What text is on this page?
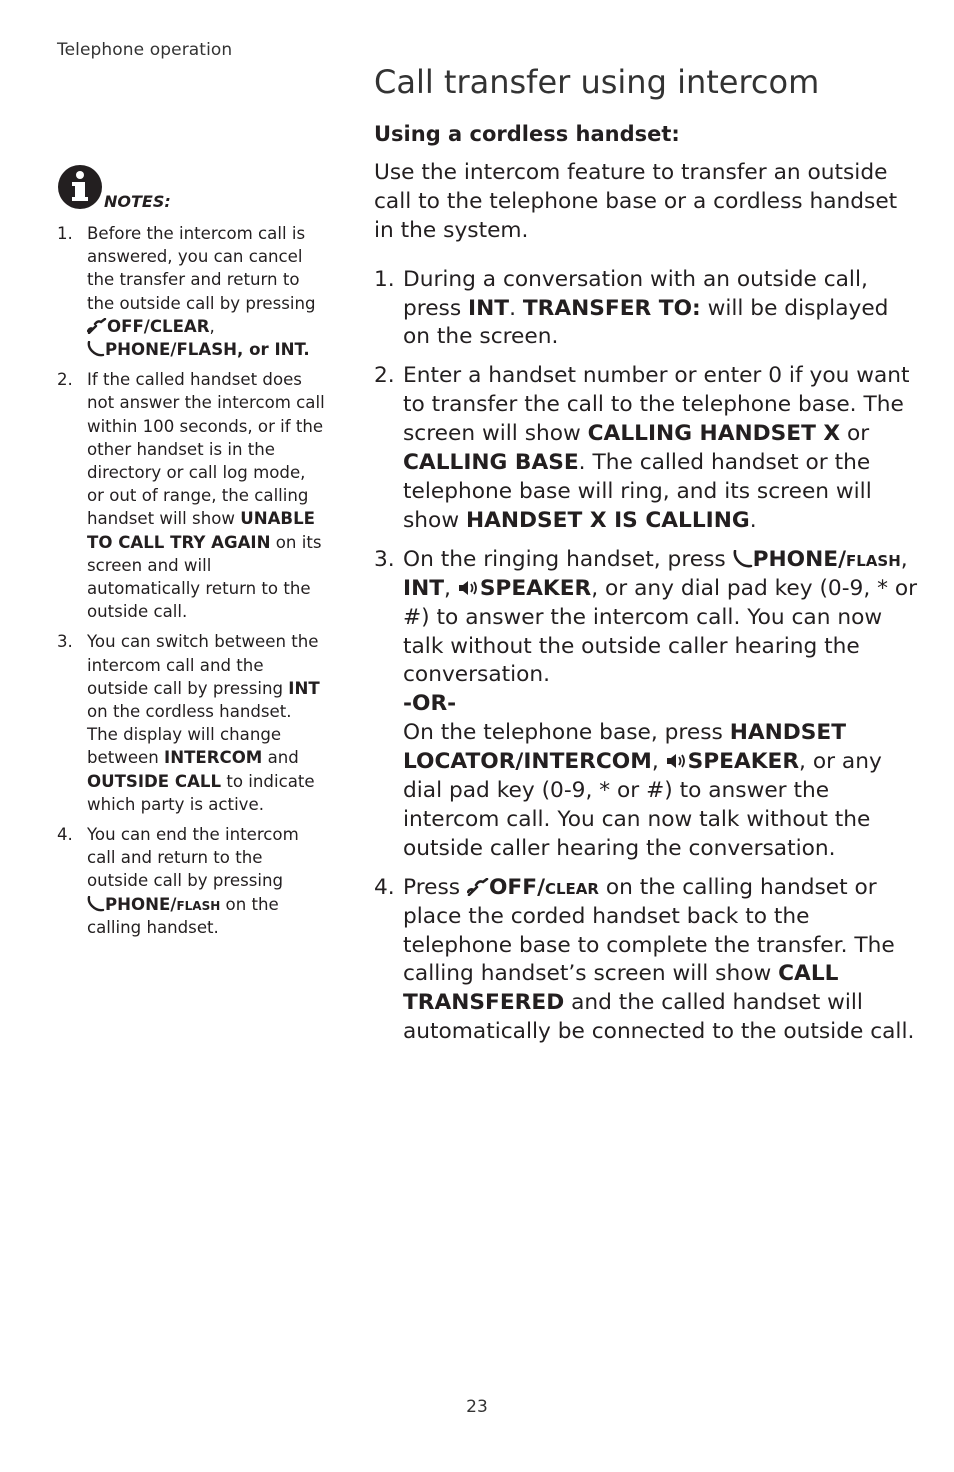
Telephone operation
NOTES:
1. Before the intercom call is answered, you can cancel the transfer and return to the outside call by pressing OFF/CLEAR,
PHONE/FLASH, or INT.
2. If the called handset does not answer the intercom call within 100 seconds, or if the other handset is in the directory or call log mode, or out of range, the calling handset will show UNABLE TO CALL TRY AGAIN on its screen and will automatically return to the outside call.
3. You can switch between the intercom call and the outside call by pressing INT on the cordless handset. The display will change between INTERCOM and OUTSIDE CALL to indicate which party is active.
4. You can end the intercom call and return to the outside call by pressing
PHONE/flash on the calling handset.
Call transfer using intercom
Using a cordless handset:

Use the intercom feature to transfer an outside call to the telephone base or a cordless handset in the system.

1. During a conversation with an outside call, press INT. TRANSFER TO: will be displayed on the screen.
2. Enter a handset number or enter 0 if you want to transfer the call to the telephone base. The screen will show CALLING HANDSET X or CALLING BASE. The called handset or the telephone base will ring, and its screen will show HANDSET X IS CALLING.
3. On the ringing handset, press PHONE/flash, INT, SPEAKER, or any dial pad key (0-9, * or #) to answer the intercom call. You can now talk without the outside caller hearing the conversation.

-OR-

On the telephone base, press HANDSET LOCATOR/INTERCOM, SPEAKER, or any dial pad key (0-9, * or #) to answer the intercom call. You can now talk without the outside caller hearing the conversation.

4. Press OFF/clear on the calling handset or place the corded handset back to the telephone base to complete the transfer. The calling handset’s screen will show CALL TRANSFERED and the called handset will automatically be connected to the outside call.
23
